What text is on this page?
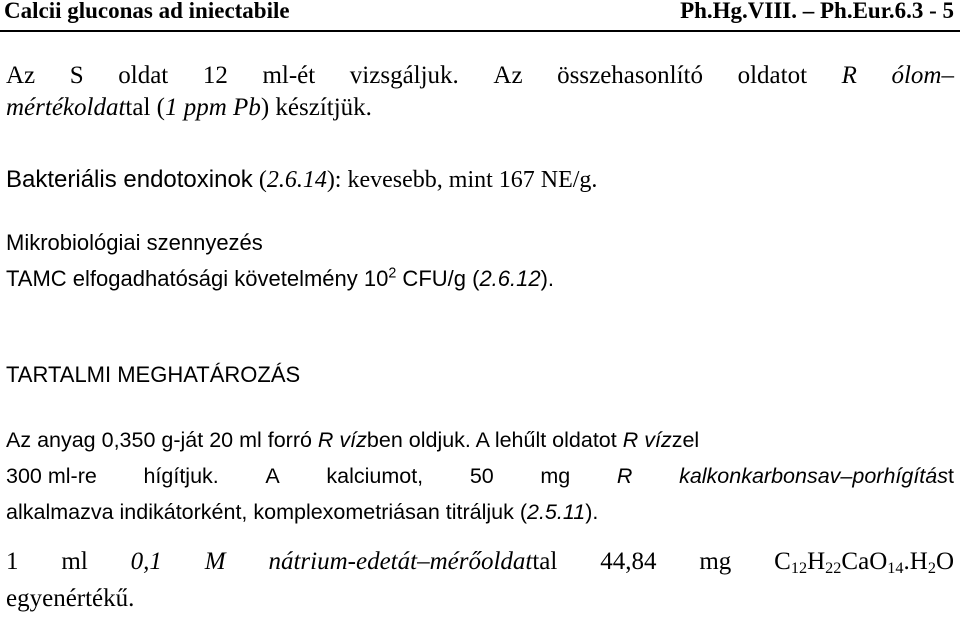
Calcii gluconas ad iniectabile	Ph.Hg.VIII. – Ph.Eur.6.3 - 5
Az S oldat 12 ml-ét vizsgáljuk. Az összehasonlító oldatot R ólom–
mértékoldattal (1 ppm Pb) készítjük.
Bakteriális endotoxinok (2.6.14): kevesebb, mint 167 NE/g.
Mikrobiológiai szennyezés
TAMC elfogadhatósági követelmény $10^2$ CFU/g (2.6.12).
TARTALMI MEGHATÁROZÁS
Az anyag 0,350 g-ját 20 ml forró R vízben oldjuk. A lehűlt oldatot R vízzel
300 ml-re hígítjuk. A kalciumot, 50 mg R kalkonkarbonsav–porhígítást
alkalmazva indikátorként, komplexometriásan titráljuk (2.5.11).
1 ml 0,1 M nátrium-edetát–mérőoldattal 44,84 mg $C_{12}H_{22}CaO_{14}.H_2O$
egyenértékű.
